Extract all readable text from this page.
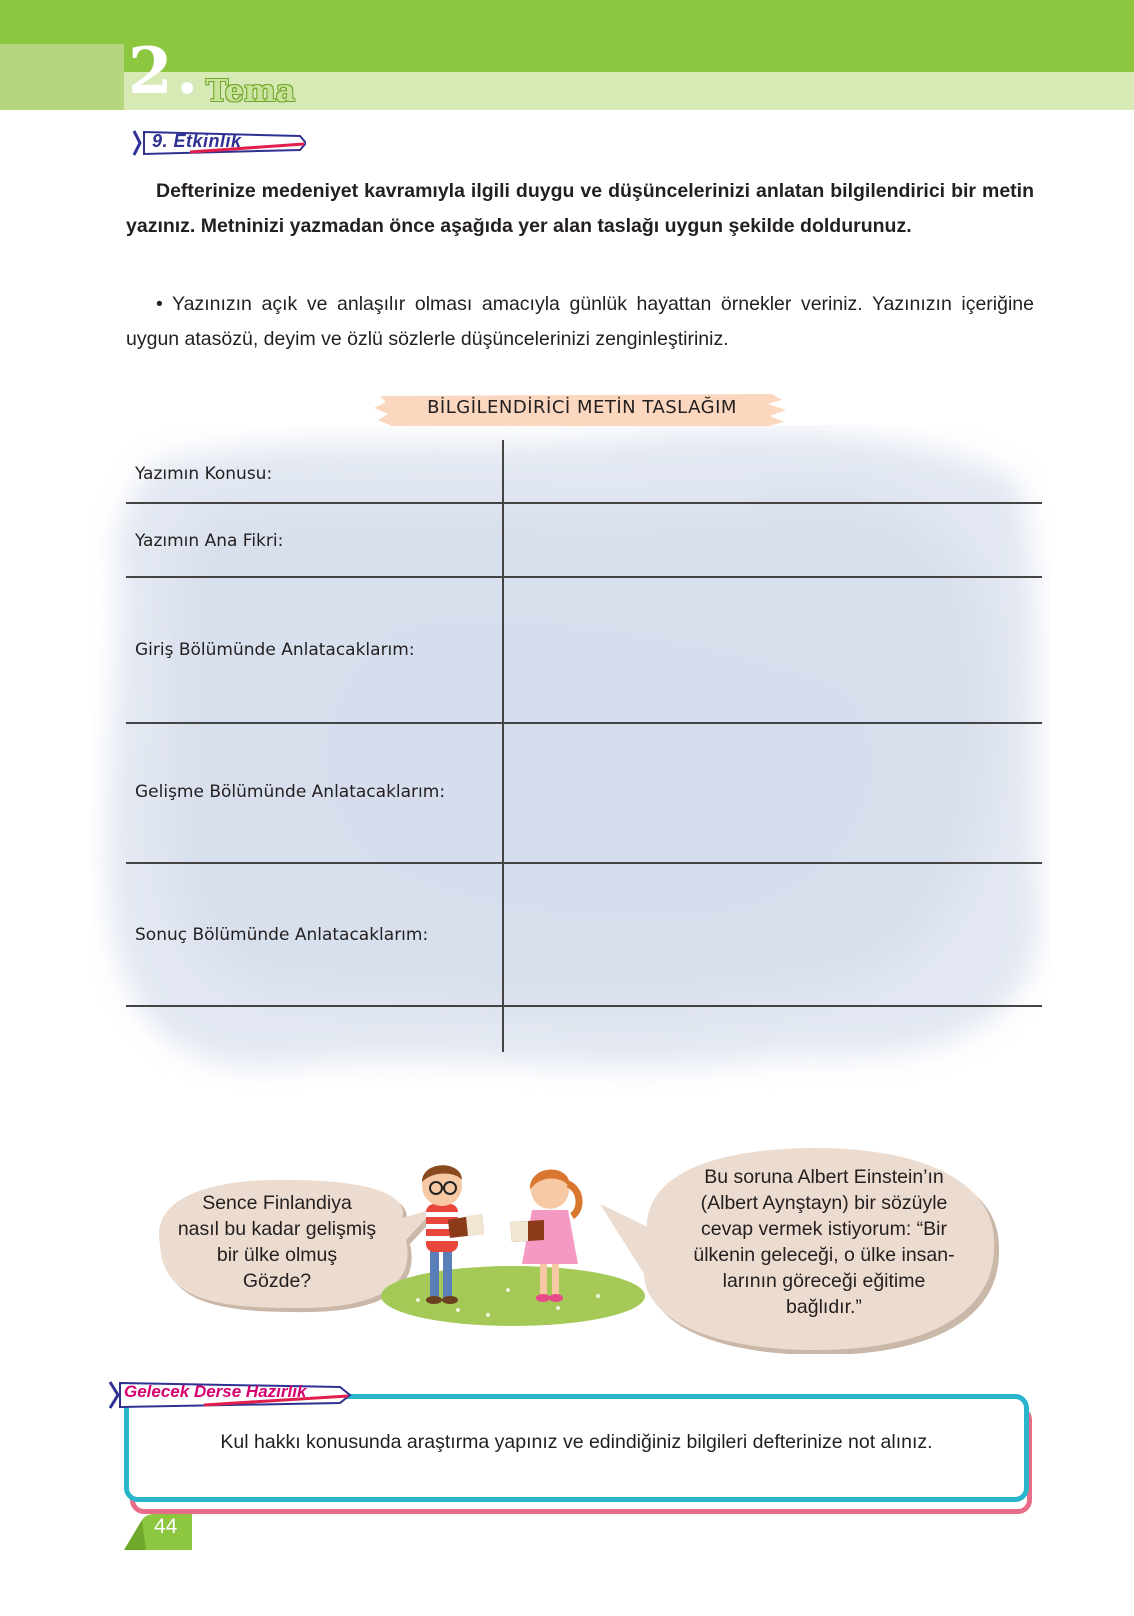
2 . Tema
9. Etkinlik
Defterinize medeniyet kavramıyla ilgili duygu ve düşüncelerinizi anlatan bilgilendirici bir metin yazınız. Metninizi yazmadan önce aşağıda yer alan taslağı uygun şekilde doldurunuz.
• Yazınızın açık ve anlaşılır olması amacıyla günlük hayattan örnekler veriniz. Yazınızın içeriğine uygun atasözü, deyim ve özlü sözlerle düşüncelerinizi zenginleştiriniz.
BİLGİLENDİRİCİ METİN TASLAĞIM
Yazımın Konusu:
Yazımın Ana Fikri:
Giriş Bölümünde Anlatacaklarım:
Gelişme Bölümünde Anlatacaklarım:
Sonuç Bölümünde Anlatacaklarım:
Sence Finlandiya
nasıl bu kadar gelişmiş
bir ülke olmuş
Gözde?
Bu soruna Albert Einstein’ın
(Albert Aynştayn) bir sözüyle
cevap vermek istiyorum: “Bir
ülkenin geleceği, o ülke insan-
larının göreceği eğitime
bağlıdır.”
Kul hakkı konusunda araştırma yapınız ve edindiğiniz bilgileri defterinize not alınız.
Gelecek Derse Hazırlık
44
